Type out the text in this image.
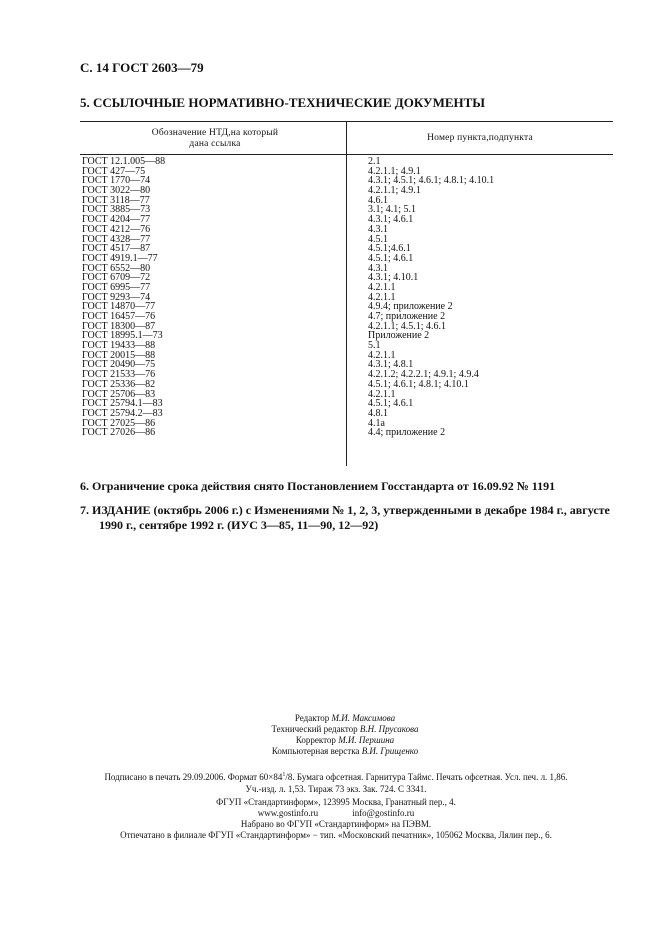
С. 14 ГОСТ 2603—79
5. ССЫЛОЧНЫЕ НОРМАТИВНО-ТЕХНИЧЕСКИЕ ДОКУМЕНТЫ
Обозначение НТД,на который
дана ссылка
Номер пункта,подпункта
ГОСТ 12.1.005—88	2.1
ГОСТ 427—75	4.2.1.1; 4.9.1
ГОСТ 1770—74	4.3.1; 4.5.1; 4.6.1; 4.8.1; 4.10.1
ГОСТ 3022—80	4.2.1.1; 4.9.1
ГОСТ 3118—77	4.6.1
ГОСТ 3885—73	3.1; 4.1; 5.1
ГОСТ 4204—77	4.3.1; 4.6.1
ГОСТ 4212—76	4.3.1
ГОСТ 4328—77	4.5.1
ГОСТ 4517—87	4.5.1;4.6.1
ГОСТ 4919.1—77	4.5.1; 4.6.1
ГОСТ 6552—80	4.3.1
ГОСТ 6709—72	4.3.1; 4.10.1
ГОСТ 6995—77	4.2.1.1
ГОСТ 9293—74	4.2.1.1
ГОСТ 14870—77	4.9.4; приложение 2
ГОСТ 16457—76	4.7; приложение 2
ГОСТ 18300—87	4.2.1.1; 4.5.1; 4.6.1
ГОСТ 18995.1—73	Приложение 2
ГОСТ 19433—88	5.1
ГОСТ 20015—88	4.2.1.1
ГОСТ 20490—75	4.3.1; 4.8.1
ГОСТ 21533—76	4.2.1.2; 4.2.2.1; 4.9.1; 4.9.4
ГОСТ 25336—82	4.5.1; 4.6.1; 4.8.1; 4.10.1
ГОСТ 25706—83	4.2.1.1
ГОСТ 25794.1—83	4.5.1; 4.6.1
ГОСТ 25794.2—83	4.8.1
ГОСТ 27025—86	4.1а
ГОСТ 27026—86	4.4; приложение 2
6. Ограничение срока действия снято Постановлением Госстандарта от 16.09.92 № 1191
7. ИЗДАНИЕ (октябрь 2006 г.) с Изменениями № 1, 2, 3, утвержденными в декабре 1984 г., августе
1990 г., сентябре 1992 г. (ИУС 3—85, 11—90, 12—92)
Редактор М.И. Максимова
Технический редактор В.Н. Прусакова
Корректор М.И. Першина
Компьютерная верстка В.И. Грищенко
Подписано в печать 29.09.2006. Формат $60\times 84^1/8$. Бумага офсетная. Гарнитура Таймс. Печать офсетная. Усл. печ. л. 1,86.
Уч.-изд. л. 1,53. Тираж 73 экз. Зак. 724. С 3341.
ФГУП «Стандартинформ», 123995 Москва, Гранатный пер., 4.
www.gostinfo.ru	info@gostinfo.ru
Набрано во ФГУП «Стандартинформ» на ПЭВМ.
Отпечатано в филиале ФГУП «Стандартинформ» − тип. «Московский печатник», 105062 Москва, Лялин пер., 6.
